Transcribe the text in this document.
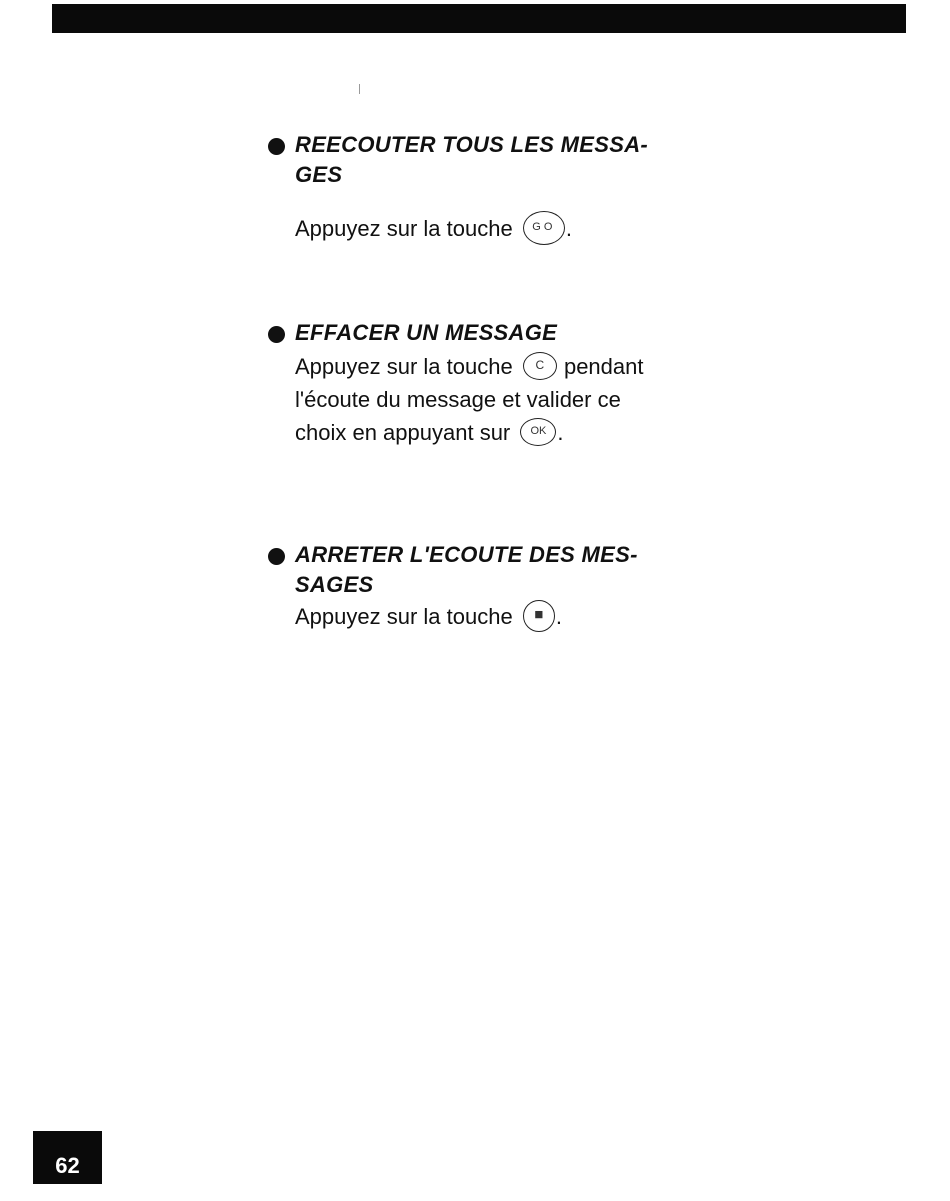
REECOUTER TOUS LES MESSA-
GES

Appuyez sur la touche GO .

EFFACER UN MESSAGE

Appuyez sur la touche C pendant
l'écoute du message et valider ce
choix en appuyant sur OK .

ARRETER L'ECOUTE DES MES-
SAGES

Appuyez sur la touche ■ .

62
